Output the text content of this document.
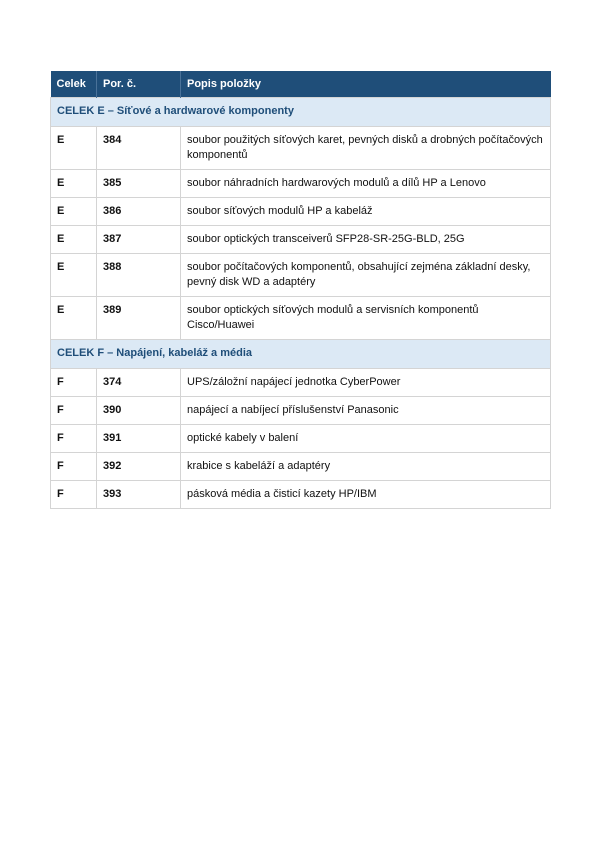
Celek	Por. č.	Popis položky
CELEK E – Síťové a hardwarové komponenty		
E	384	soubor použitých síťových karet, pevných disků a drobných počítačových komponentů
E	385	soubor náhradních hardwarových modulů a dílů HP a Lenovo
E	386	soubor síťových modulů HP a kabeláž
E	387	soubor optických transceiverů SFP28-SR-25G-BLD, 25G
E	388	soubor počítačových komponentů, obsahující zejména základní desky, pevný disk WD a adaptéry
E	389	soubor optických síťových modulů a servisních komponentů Cisco/Huawei
CELEK F – Napájení, kabeláž a média		
F	374	UPS/záložní napájecí jednotka CyberPower
F	390	napájecí a nabíjecí příslušenství Panasonic
F	391	optické kabely v balení
F	392	krabice s kabeláží a adaptéry
F	393	pásková média a čisticí kazety HP/IBM
